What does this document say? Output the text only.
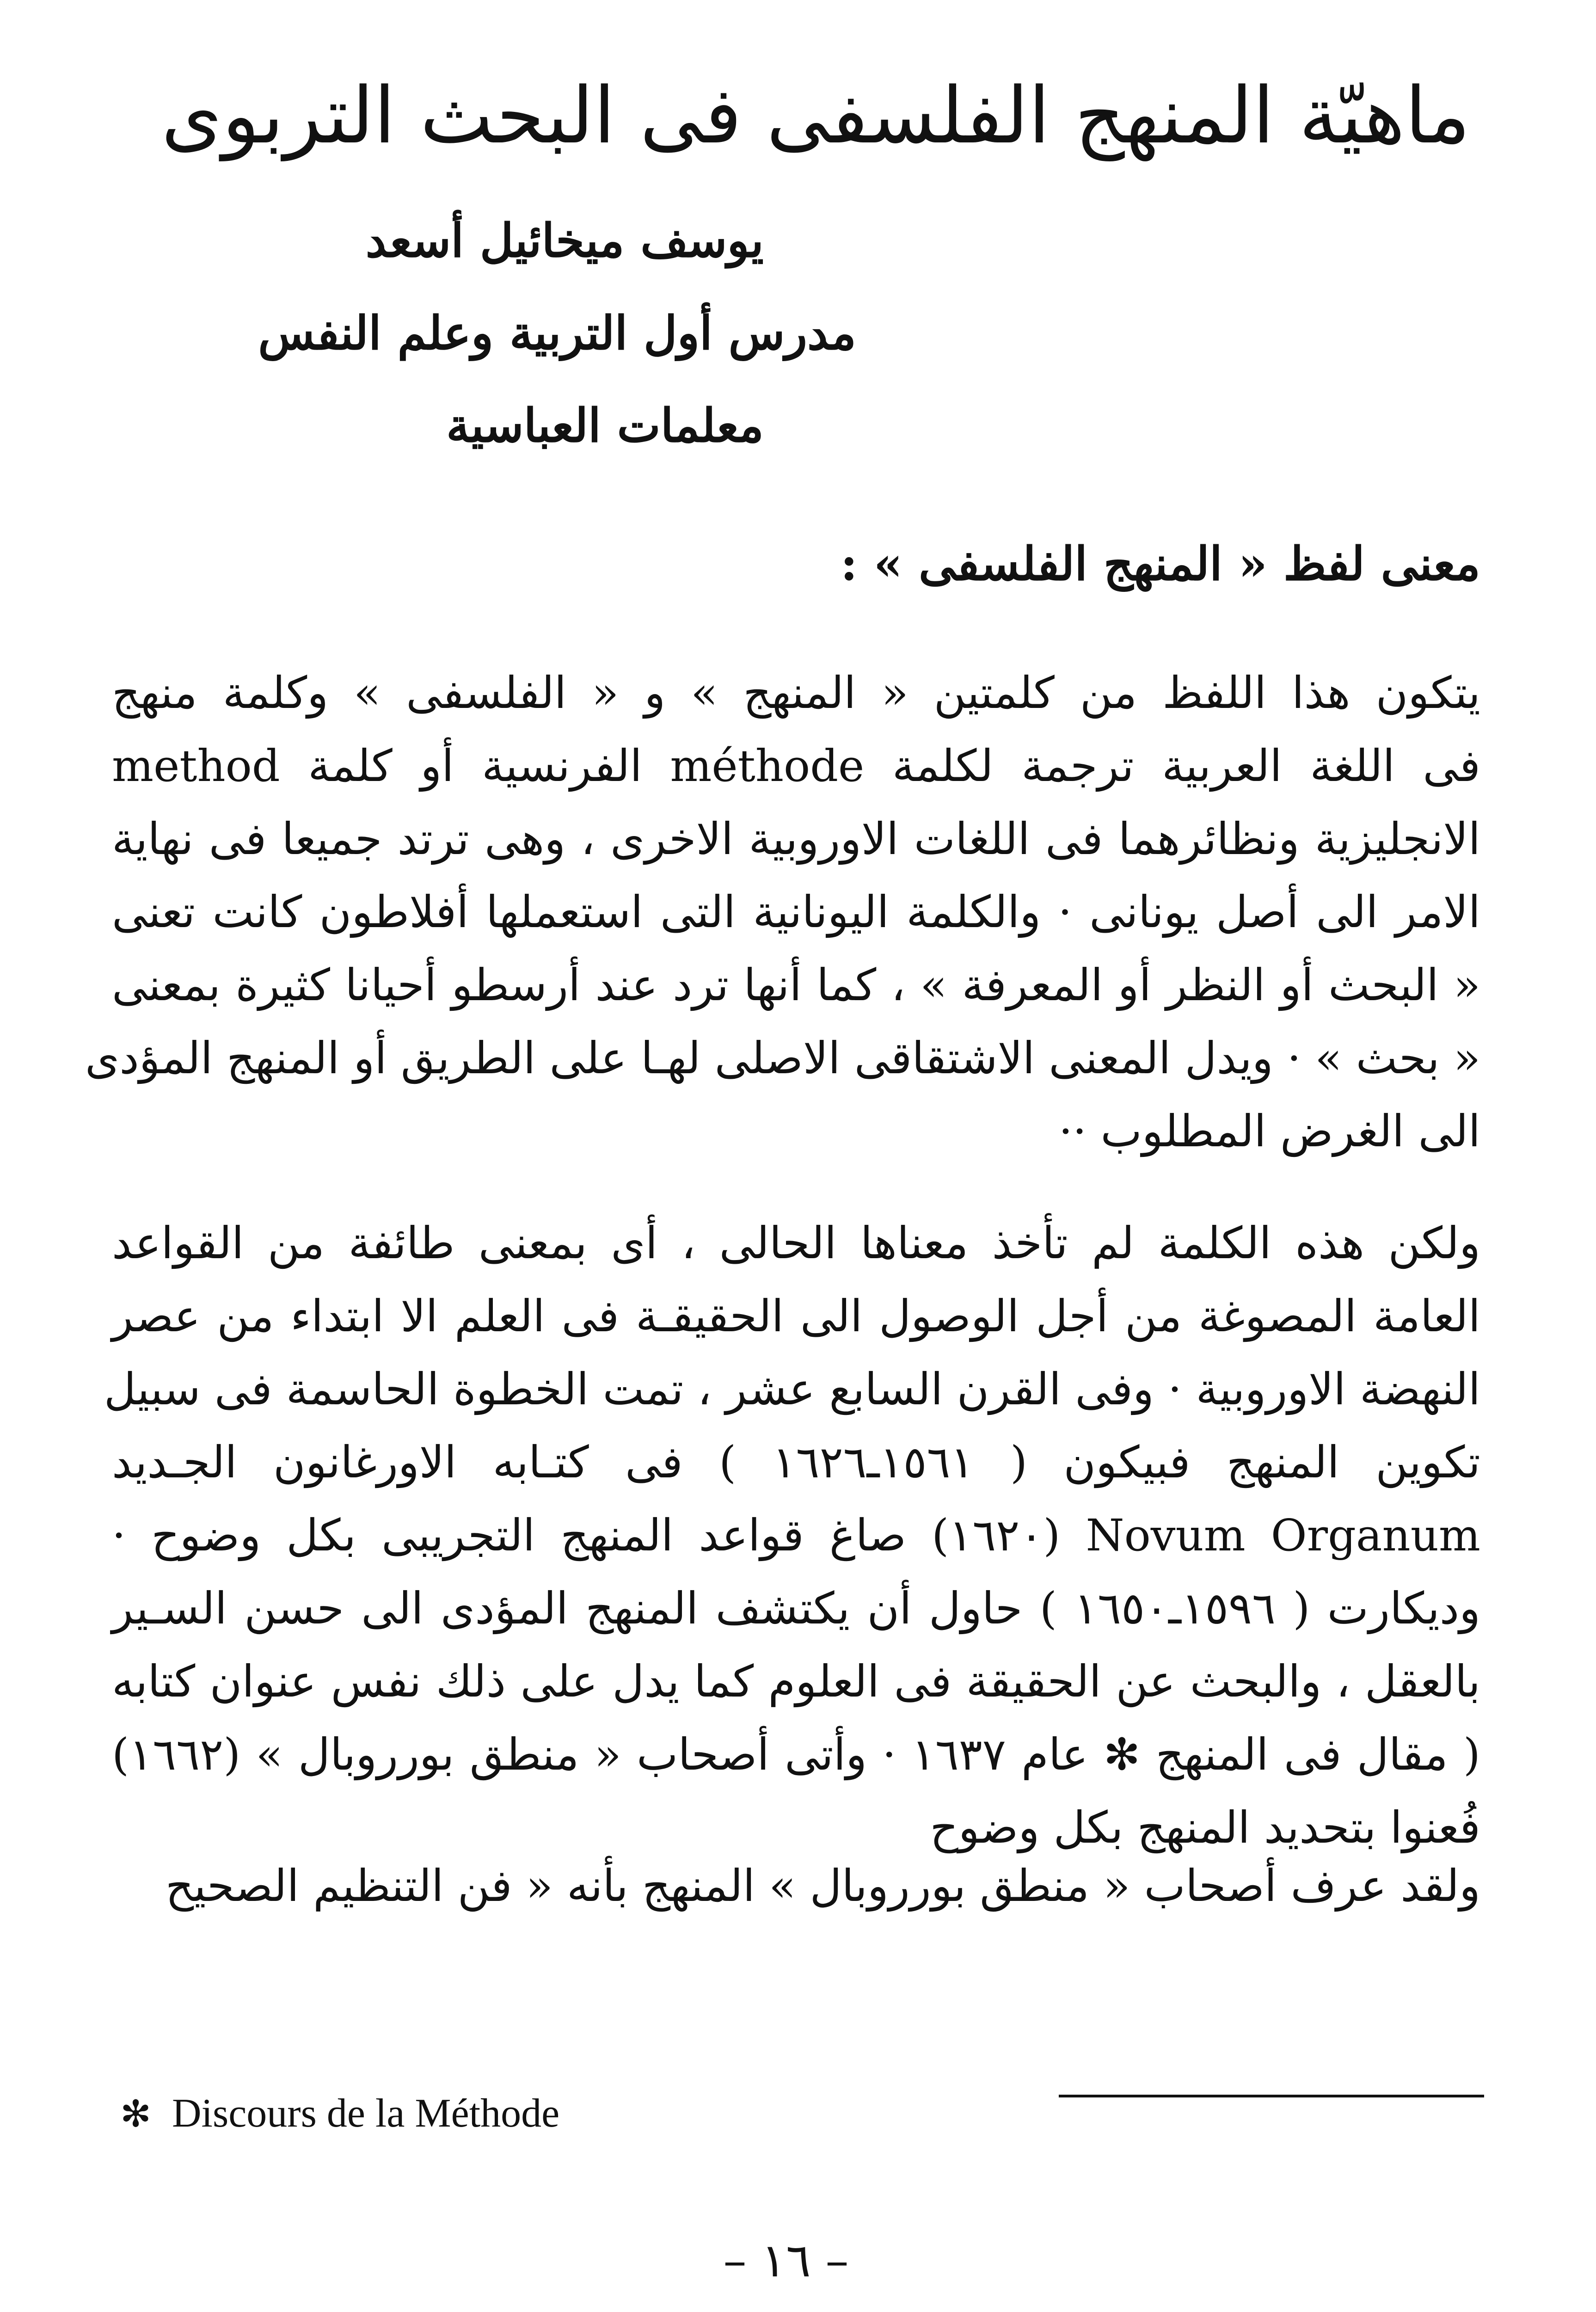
ماهيّة المنهج الفلسفى فى البحث التربوى
يوسف ميخائيل أسعد
مدرس أول التربية وعلم النفس
معلمات العباسية
معنى لفظ « المنهج الفلسفى » :
يتكون هذا اللفظ من كلمتين « المنهج » و « الفلسفى » وكلمة منهج
فى اللغة العربية ترجمة لكلمة méthode الفرنسية أو كلمة method
الانجليزية ونظائرهما فى اللغات الاوروبية الاخرى ، وهى ترتد جميعا فى نهاية
الامر الى أصل يونانى · والكلمة اليونانية التى استعملها أفلاطون كانت تعنى
« البحث أو النظر أو المعرفة » ، كما أنها ترد عند أرسطو أحيانا كثيرة بمعنى
« بحث » · ويدل المعنى الاشتقاقى الاصلى لهـا على الطريق أو المنهج المؤدى
الى الغرض المطلوب ··
ولكن هذه الكلمة لم تأخذ معناها الحالى ، أى بمعنى طائفة من القواعد
العامة المصوغة من أجل الوصول الى الحقيقـة فى العلم الا ابتداء من عصر
النهضة الاوروبية · وفى القرن السابع عشر ، تمت الخطوة الحاسمة فى سبيل
تكوين المنهج فبيكون ( ١٥٦١ـ١٦٢٦ ) فى كتـابه الاورغانون الجـديد
Novum Organum (١٦٢٠) صاغ قواعد المنهج التجريبى بكل وضوح ·
وديكارت ( ١٥٩٦ـ١٦٥٠ ) حاول أن يكتشف المنهج المؤدى الى حسن السـير
بالعقل ، والبحث عن الحقيقة فى العلوم كما يدل على ذلك نفس عنوان كتابه
( مقال فى المنهج ✻ عام ١٦٣٧ · وأتى أصحاب « منطق بورروبال » (١٦٦٢)
فُعنوا بتحديد المنهج بكل وضوح
ولقد عرف أصحاب « منطق بورروبال » المنهج بأنه « فن التنظيم الصحيح
✻ Discours de la Méthode
– ١٦ –
